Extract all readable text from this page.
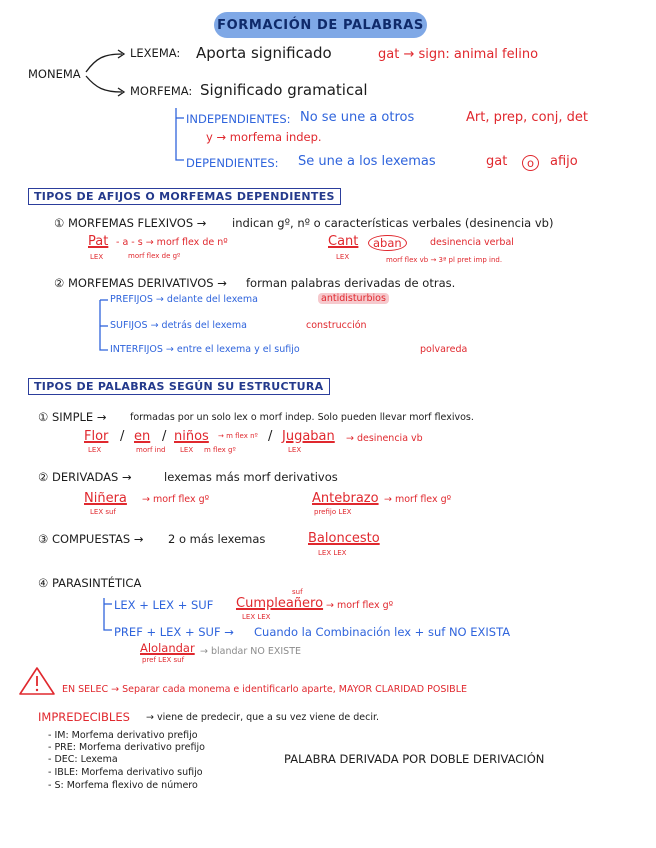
FORMACIÓN DE PALABRAS
MONEMA
LEXEMA: Aporta significado	gat → sign: animal felino
MORFEMA: Significado gramatical
INDEPENDIENTES: No se une a otros	Art, prep, conj, det
y → morfema indep.
DEPENDIENTES: Se une a los lexemas	gat	o	afijo
TIPOS DE AFIJOS O MORFEMAS DEPENDIENTES
① MORFEMAS FLEXIVOS → indican gº, nº o características verbales (desinencia vb)
Pat - a - s → morf flex de nº
LEX	morf flex de gº
Cant	aban	desinencia verbal
LEX	morf flex vb → 3ª pl pret imp ind.
② MORFEMAS DERIVATIVOS → forman palabras derivadas de otras.
PREFIJOS → delante del lexema	antidisturbios
SUFIJOS → detrás del lexema	construcción
INTERFIJOS → entre el lexema y el sufijo	polvareda
TIPOS DE PALABRAS SEGÚN SU ESTRUCTURA
① SIMPLE → formadas por un solo lex o morf indep. Solo pueden llevar morf flexivos.
Flor
LEX
/ en
morf ind
/ niños → m flex nº
LEX m flex gº
/ Jugaban → desinencia vb
LEX
② DERIVADAS →	lexemas más morf derivativos
Niñera → morf flex gº
LEX suf
Antebrazo → morf flex gº
prefijo LEX
③ COMPUESTAS → 2 o más lexemas	Baloncesto
LEX LEX
④ PARASINTÉTICA
LEX + LEX + SUF
suf
Cumpleañero → morf flex gº
LEX LEX
PREF + LEX + SUF → Cuando la Combinación lex + suf NO EXISTA
Alolandar
pref LEX suf
→ blandar NO EXISTE
EN SELEC → Separar cada monema e identificarlo aparte, MAYOR CLARIDAD POSIBLE
IMPREDECIBLES → viene de predecir, que a su vez viene de decir.
- IM: Morfema derivativo prefijo
- PRE: Morfema derivativo prefijo
- DEC: Lexema
- IBLE: Morfema derivativo sufijo
- S: Morfema flexivo de número
PALABRA DERIVADA POR DOBLE DERIVACIÓN
